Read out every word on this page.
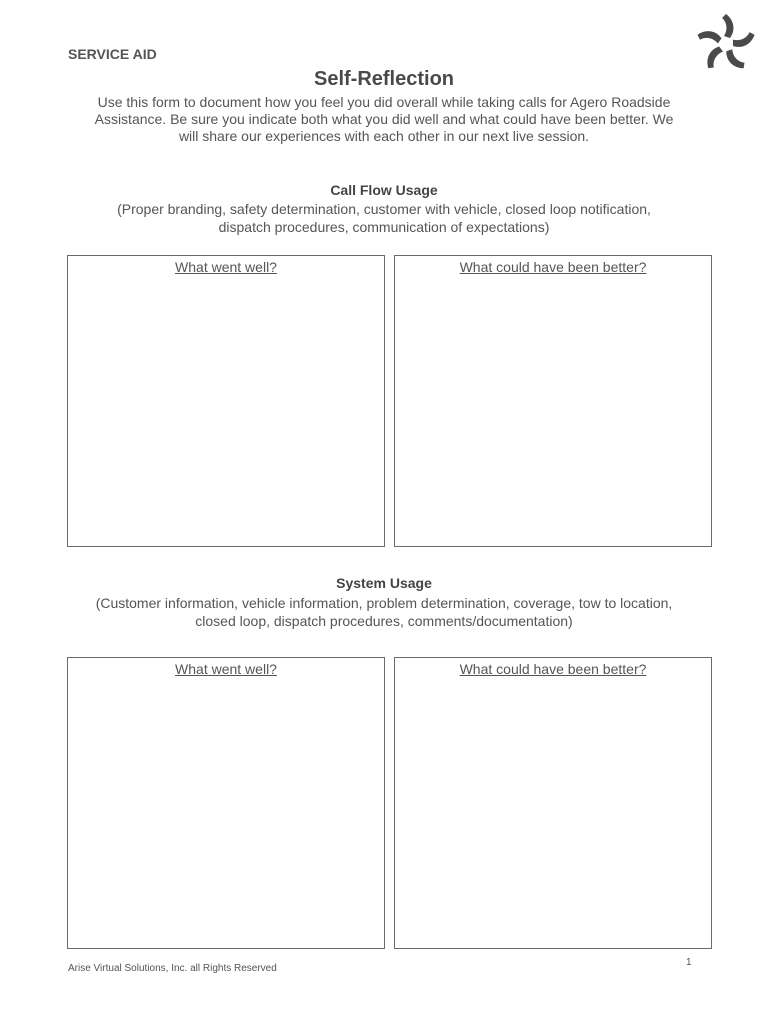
SERVICE AID
Self-Reflection
Use this form to document how you feel you did overall while taking calls for Agero Roadside
Assistance. Be sure you indicate both what you did well and what could have been better. We
will share our experiences with each other in our next live session.
Call Flow Usage
(Proper branding, safety determination, customer with vehicle, closed loop notification,
dispatch procedures, communication of expectations)
What went well?	What could have been better?
System Usage
(Customer information, vehicle information, problem determination, coverage, tow to location,
closed loop, dispatch procedures, comments/documentation)
What went well?	What could have been better?
Arise Virtual Solutions, Inc. all Rights Reserved
1
